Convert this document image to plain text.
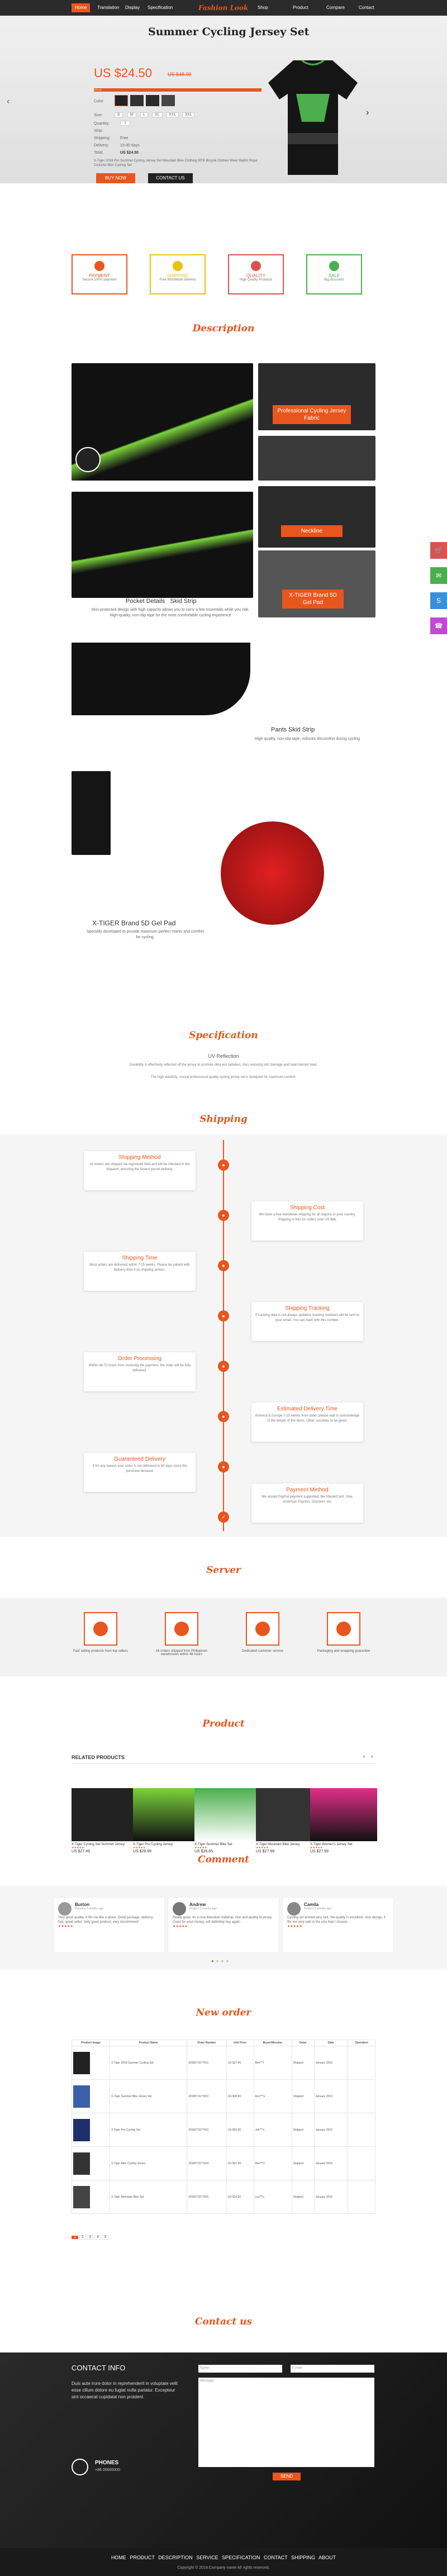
Home	Translation	Display	Specification	Fashion Look	Shop	Product	Compare	Contact
Summer Cycling Jersey Set
‹
›
US $24.50	US $48.99
50% off
Color:
Size:	S	M	L	XL	XXL	3XL
Quantity:	1
Ship:
Shipping:	Free
Delivery:	15-30 days
Total:	US $24.50
X-Tiger 2018 Pro Summer Cycling Jersey Set Mountain Bike Clothing MTB Bicycle Clothes Wear Maillot Ropa Ciclismo Men Cycling Set
BUY NOW	CONTACT US
PAYMENT
Secure 100% payment
SHIPPING
Free Worldwide Delivery
QUALITY
High Quality Products
SALE
Big discounts
Description
Professional Cycling Jersey Fabric
Neckline
X-TIGER Brand 5D Gel Pad
Pocket Details   Skid Strip
Skin-protected design with high capacity allows you to carry a few essentials while you ride. High-quality, non-slip tape for the most comfortable cycling experience
Pants Skid Strip
High-quality, non-slip tape, reduces discomfort during cycling
X-TIGER Brand 5D Gel Pad
Specially developed to provide maximum perfect marks and comfort for cycling.
Specification
UV Reflection
Durability & effectively reflected off the jersey to promote ultra viol radiation, thus reducing skin damage and heat-tolerant heat.
The high elasticity, crucial professional quality cycling jersey set is designed for maximum comfort.
Shipping
●
●
●
●
●
●
●
✓
Shipping Method
All orders are shipped via registered Mail and will be checked in the dispatch, ensuring the fastest parcel delivery.
Shipping Cost
We have a free worldwide shipping for all regions to your country. Shipping is free for orders over US $88.
Shipping Time
Most orders are delivered within 7-15 weeks. Please be patient with delivery time if no shipping arrives.
Shipping Tracking
If tracking data is not always updated, tracking numbers will be sent to your email. You can track with this number.
Order Processing
Within 48-72 hours from receiving the payment, the order will be fully delivered.
Estimated Delivery Time
America & Europe 7-15 weeks from order, please wait to acknowledge of the details of the items. Other countries to be given.
Guaranteed Delivery
If for any reason your order is not delivered in 60 days since the purchase because
Payment Method
We accept PayPal payment supported, like MasterCard, Visa, American Express, Discover, etc.
Server
Fast selling products from top sellers	All orders shipped from Philippines warehouses within 48 hours
Dedicated customer service	Packaging and wrapping guarantee
Product
RELATED PRODUCTS	‹ ›
X-Tiger Cycling Set Summer Jersey
★★★★★
US $27.49
X-Tiger Pro Cycling Jersey
★★★★★
US $28.99
X-Tiger Summer Bike Set
★★★★★
US $26.65
X-Tiger Mountain Bike Jersey
★★★★★
US $27.99
X-Tiger Women's Jersey Set
★★★★★
US $27.99
Comment
Burton
Payment 3 months ago
Very good quality. It fits me like a glove. Good package, delivery fast, great seller. Very good product, very recommend!
★★★★★
Andrew
Product 3 months ago
Really good. Its a nice liberation material, nice and quality fit jersey. Good for your money, will definitely buy again.
★★★★★
Camila
Product 2 months ago
Cycling set arrived very fast, the quality is excellent, nice design, it fits me very well in the size that I choose.
★★★★★
●●●●
New order
Product Image	Product Name	Order Number	Unit Price	Buyer/Member	Order	Date	Operation

	X-Tiger 2018 Summer Cycling Set	2018071577421	US $27.49	Ben***r	Shipped	January 2019	

	X-Tiger Summer Bike Jersey Set	2018071577422	US $28.99	Ann***a	Shipped	January 2019	

	X-Tiger Pro Cycling Set	2018071577423	US $26.65	Joh***n	Shipped	January 2019	

	X-Tiger Men Cycling Jersey	2018071577424	US $27.99	Mar***o	Shipped	January 2019	

	X-Tiger Mountain Bike Set	2018071577425	US $24.50	Luc***s	Shipped	January 2019	
1 2 3 4 5
Contact us
CONTACT INFO
Duis aute irure dolor in reprehenderit in voluptate velit esse cillum dolore eu fugiat nulla pariatur. Excepteur sint occaecat cupidatat non proident.
PHONES
+86 00000000
Name	E-mail
Message
SEND
HOME PRODUCT DESCRIPTION SERVICE SPECIFICATION CONTACT SHIPPING ABOUT
Copyright © 2018.Company name All rights reserved.
🛒
✉
S
☎
